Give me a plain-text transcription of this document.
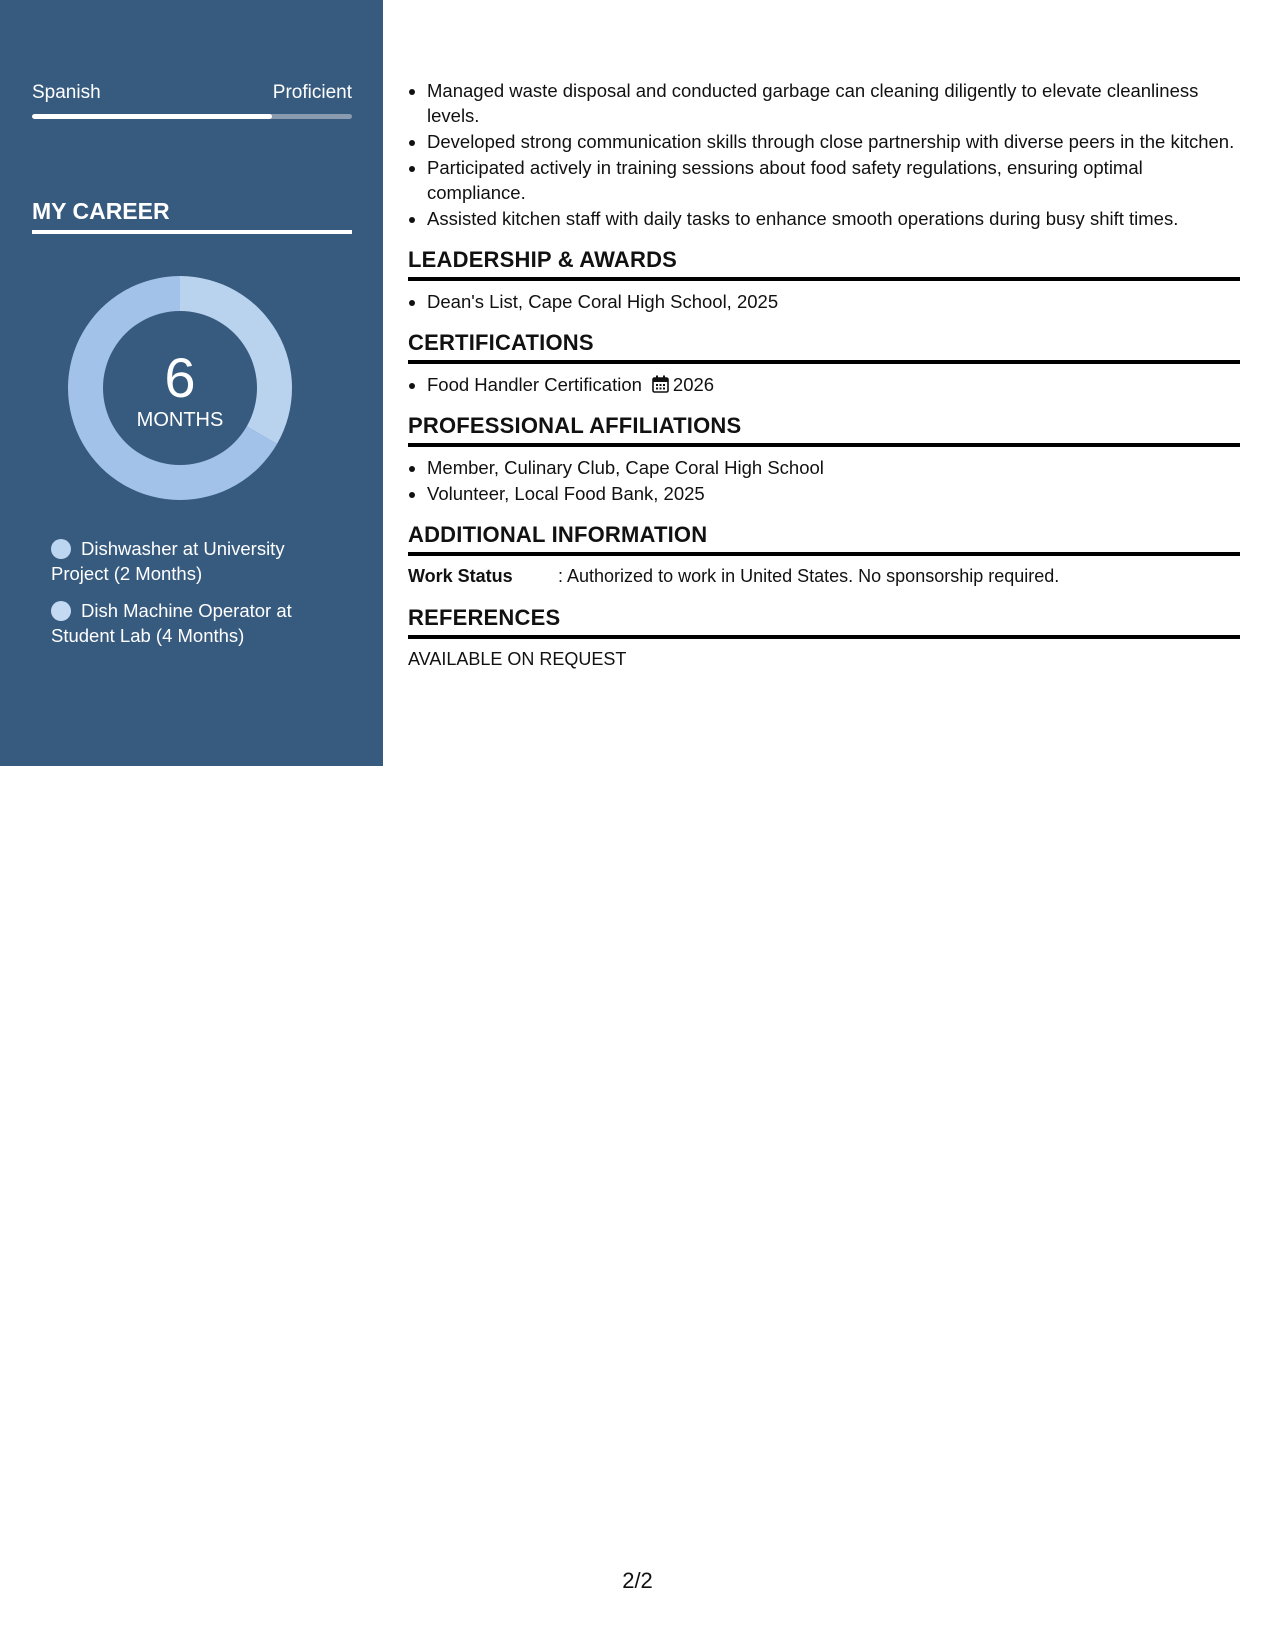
Spanish	Proficient
MY CAREER
6
MONTHS
Dishwasher at University Project (2 Months)
Dish Machine Operator at Student Lab (4 Months)
• Managed waste disposal and conducted garbage can cleaning diligently to elevate cleanliness levels.
• Developed strong communication skills through close partnership with diverse peers in the kitchen.
• Participated actively in training sessions about food safety regulations, ensuring optimal compliance.
• Assisted kitchen staff with daily tasks to enhance smooth operations during busy shift times.
LEADERSHIP & AWARDS
• Dean's List, Cape Coral High School, 2025
CERTIFICATIONS
• Food Handler Certification 2026
PROFESSIONAL AFFILIATIONS
• Member, Culinary Club, Cape Coral High School
• Volunteer, Local Food Bank, 2025
ADDITIONAL INFORMATION
Work Status	: Authorized to work in United States. No sponsorship required.
REFERENCES
AVAILABLE ON REQUEST
2/2
